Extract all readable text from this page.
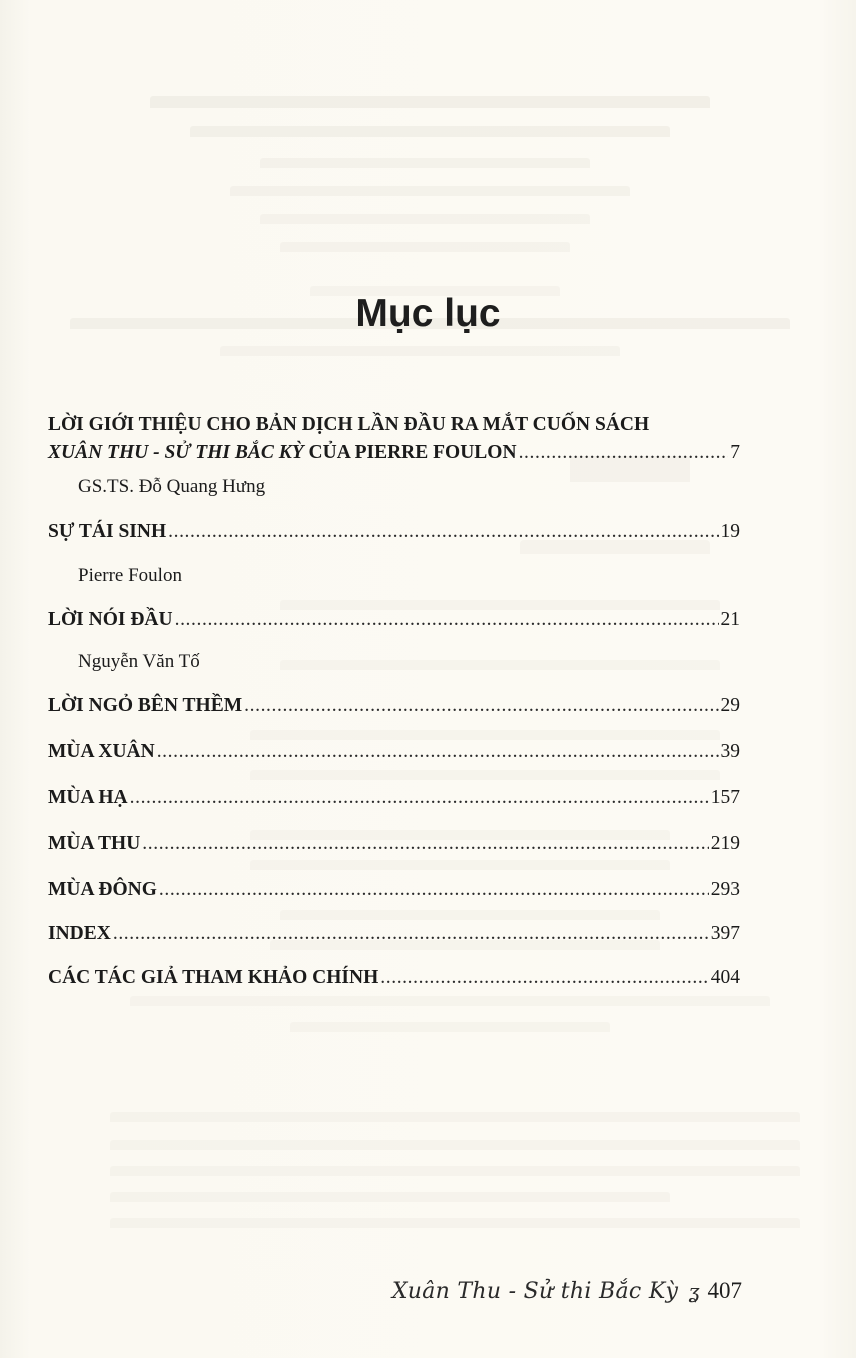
Mục lục
LỜI GIỚI THIỆU CHO BẢN DỊCH LẦN ĐẦU RA MẮT CUỐN SÁCH
XUÂN THU - SỬ THI BẮC KỲ CỦA PIERRE FOULON .....	7
GS.TS. Đỗ Quang Hưng
SỰ TÁI SINH .....	19
Pierre Foulon
LỜI NÓI ĐẦU .....	21
Nguyễn Văn Tố
LỜI NGỎ BÊN THỀM .....	29
MÙA XUÂN .....	39
MÙA HẠ .....	157
MÙA THU .....	219
MÙA ĐÔNG .....	293
INDEX .....	397
CÁC TÁC GIẢ THAM KHẢO CHÍNH .....	404
Xuân Thu - Sử thi Bắc Kỳ ʓ 407
